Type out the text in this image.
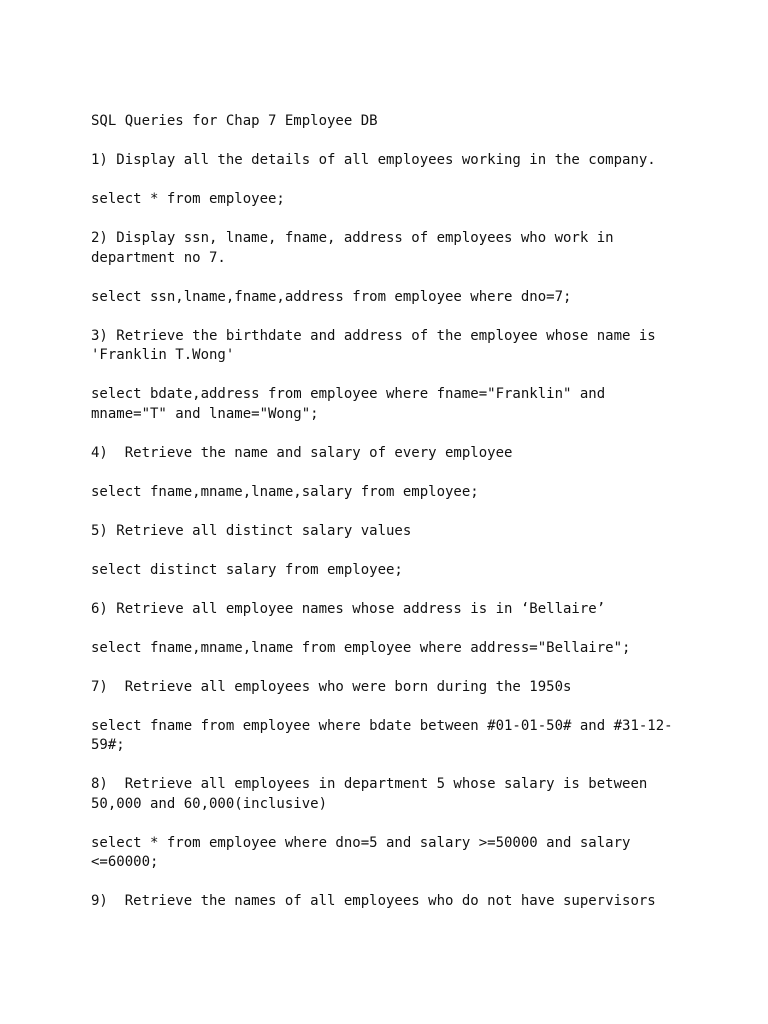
SQL Queries for Chap 7 Employee DB
1) Display all the details of all employees working in the company.
select * from employee;
2) Display ssn, lname, fname, address of employees who work in
department no 7.
select ssn,lname,fname,address from employee where dno=7;
3) Retrieve the birthdate and address of the employee whose name is
'Franklin T.Wong'
select bdate,address from employee where fname="Franklin" and
mname="T" and lname="Wong";
4)  Retrieve the name and salary of every employee
select fname,mname,lname,salary from employee;
5) Retrieve all distinct salary values
select distinct salary from employee;
6) Retrieve all employee names whose address is in ‘Bellaire’
select fname,mname,lname from employee where address="Bellaire";
7)  Retrieve all employees who were born during the 1950s
select fname from employee where bdate between #01-01-50# and #31-12-
59#;
8)  Retrieve all employees in department 5 whose salary is between
50,000 and 60,000(inclusive)
select * from employee where dno=5 and salary >=50000 and salary
<=60000;
9)  Retrieve the names of all employees who do not have supervisors
